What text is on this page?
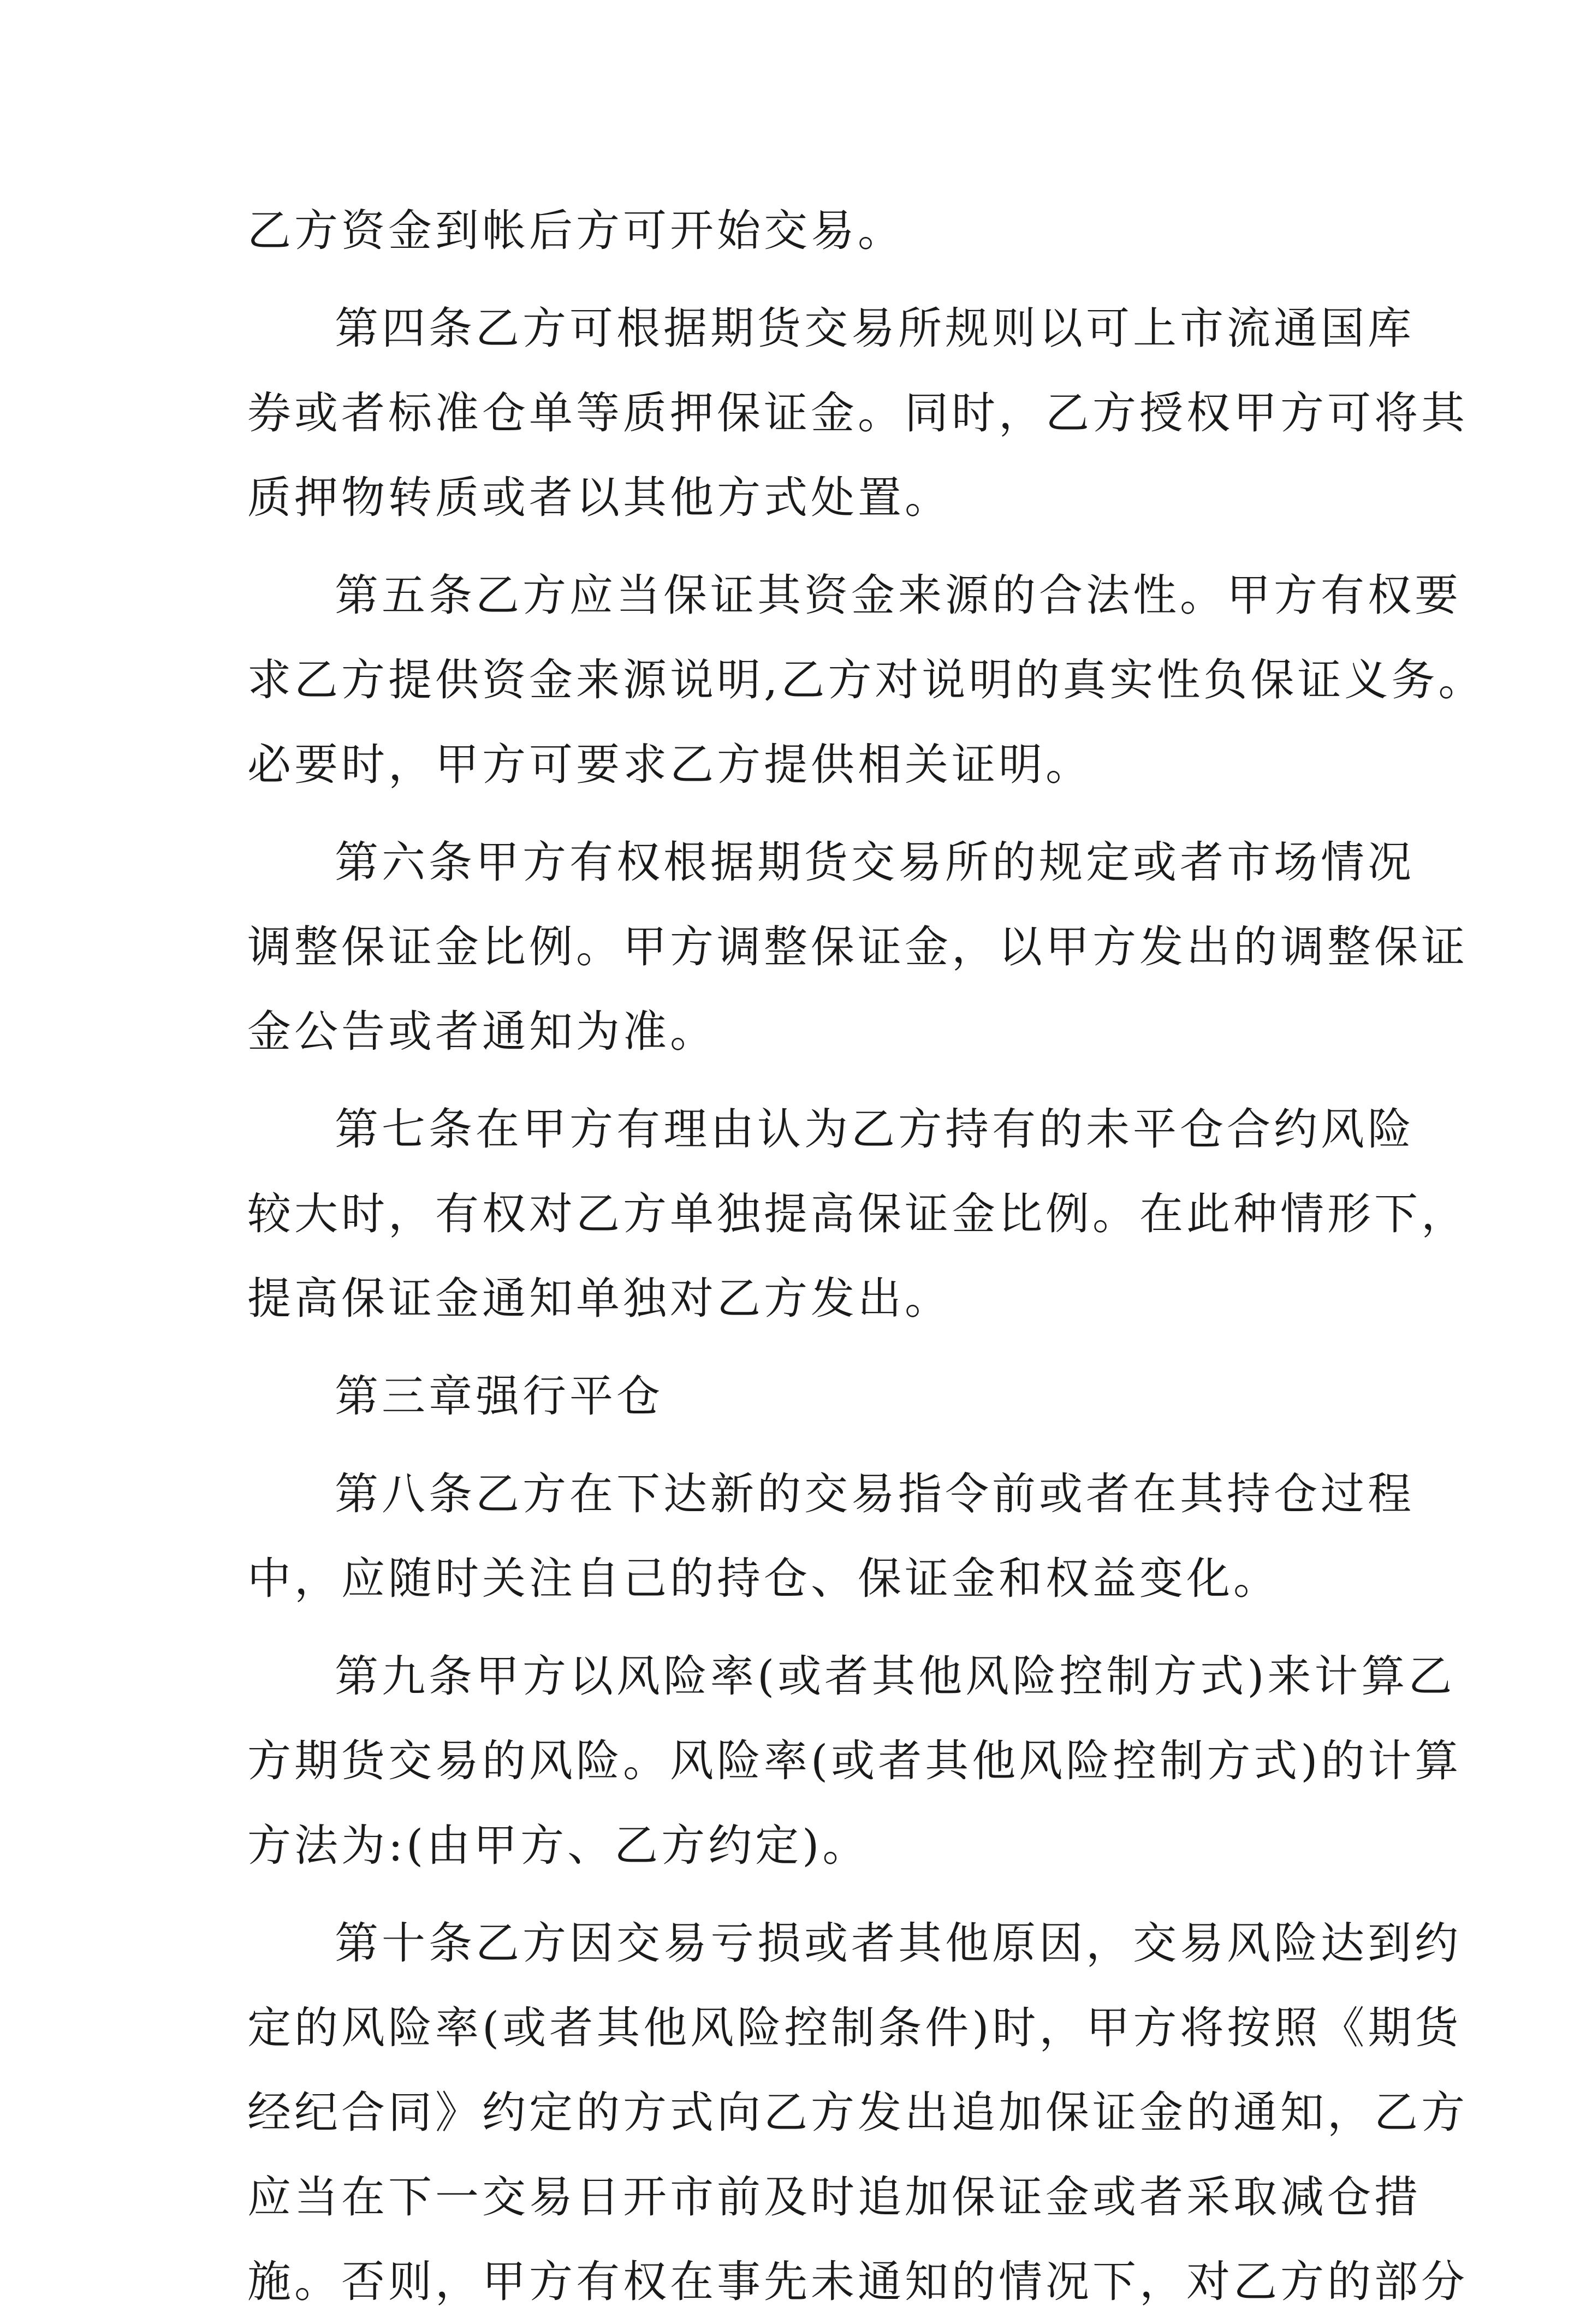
乙方资金到帐后方可开始交易。
第四条乙方可根据期货交易所规则以可上市流通国库
券或者标准仓单等质押保证金。同时，乙方授权甲方可将其
质押物转质或者以其他方式处置。
第五条乙方应当保证其资金来源的合法性。甲方有权要
求乙方提供资金来源说明,乙方对说明的真实性负保证义务。
必要时，甲方可要求乙方提供相关证明。
第六条甲方有权根据期货交易所的规定或者市场情况
调整保证金比例。甲方调整保证金，以甲方发出的调整保证
金公告或者通知为准。
第七条在甲方有理由认为乙方持有的未平仓合约风险
较大时，有权对乙方单独提高保证金比例。在此种情形下，
提高保证金通知单独对乙方发出。
第三章强行平仓
第八条乙方在下达新的交易指令前或者在其持仓过程
中，应随时关注自己的持仓、保证金和权益变化。
第九条甲方以风险率(或者其他风险控制方式)来计算乙
方期货交易的风险。风险率(或者其他风险控制方式)的计算
方法为:(由甲方、乙方约定)。
第十条乙方因交易亏损或者其他原因，交易风险达到约
定的风险率(或者其他风险控制条件)时，甲方将按照《期货
经纪合同》约定的方式向乙方发出追加保证金的通知，乙方
应当在下一交易日开市前及时追加保证金或者采取减仓措
施。否则，甲方有权在事先未通知的情况下，对乙方的部分
